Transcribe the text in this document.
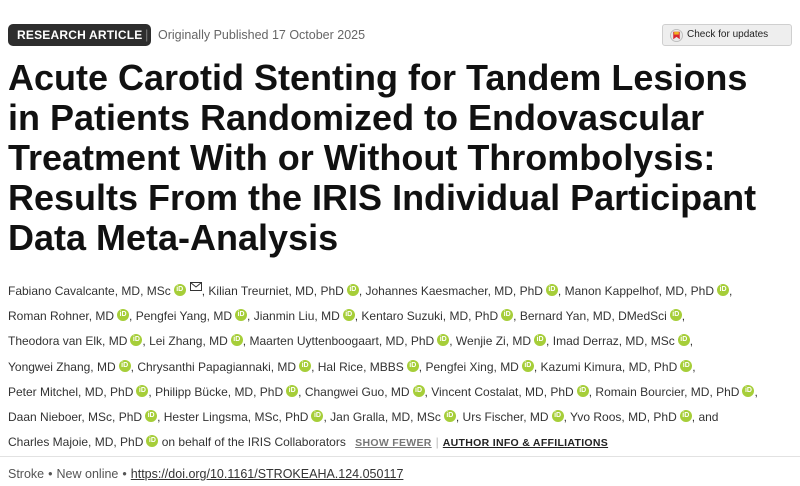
RESEARCH ARTICLE | Originally Published 17 October 2025	Check for updates
Acute Carotid Stenting for Tandem Lesions in Patients Randomized to Endovascular Treatment With or Without Thrombolysis: Results From the IRIS Individual Participant Data Meta-Analysis
Fabiano Cavalcante, MD, MSc iD , Kilian Treurniet, MD, PhD iD , Johannes Kaesmacher, MD, PhD iD , Manon Kappelhof, MD, PhD iD , Roman Rohner, MD iD , Pengfei Yang, MD iD , Jianmin Liu, MD iD , Kentaro Suzuki, MD, PhD iD , Bernard Yan, MD, DMedSci iD , Theodora van Elk, MD iD , Lei Zhang, MD iD , Maarten Uyttenboogaart, MD, PhD iD , Wenjie Zi, MD iD , Imad Derraz, MD, MSc iD , Yongwei Zhang, MD iD , Chrysanthi Papagiannaki, MD iD , Hal Rice, MBBS iD , Pengfei Xing, MD iD , Kazumi Kimura, MD, PhD iD , Peter Mitchel, MD, PhD iD , Philipp Bücke, MD, PhD iD , Changwei Guo, MD iD , Vincent Costalat, MD, PhD iD , Romain Bourcier, MD, PhD iD , Daan Nieboer, MSc, PhD iD , Hester Lingsma, MSc, PhD iD , Jan Gralla, MD, MSc iD , Urs Fischer, MD iD , Yvo Roos, MD, PhD iD , and Charles Majoie, MD, PhD iD on behalf of the IRIS Collaborators SHOW FEWER | AUTHOR INFO & AFFILIATIONS
Stroke • New online • https://doi.org/10.1161/STROKEAHA.124.050117
